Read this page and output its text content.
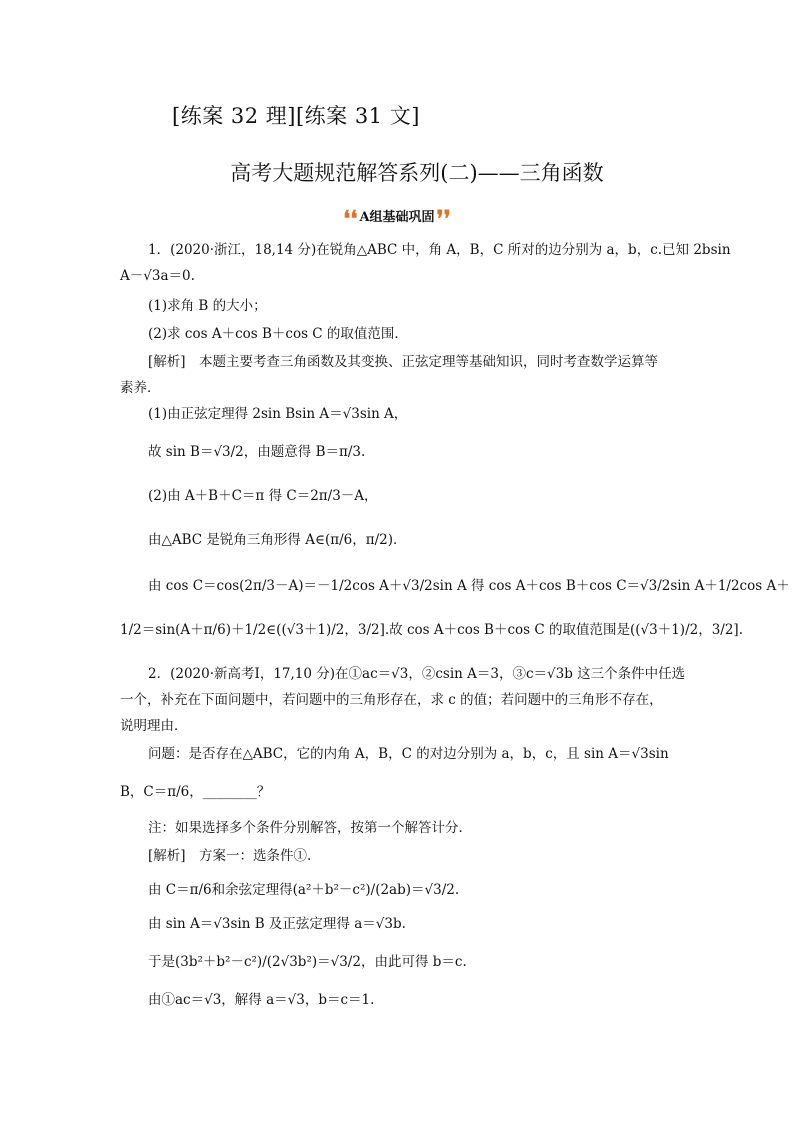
[练案 32 理][练案 31 文]
高考大题规范解答系列(二)——三角函数
❛❛ A组基础巩固❜❜
1．(2020·浙江，18,14 分)在锐角△ABC 中，角 A，B，C 所对的边分别为 a，b，c.已知 2bsin
A－√3a＝0.
(1)求角 B 的大小；
(2)求 cos A＋cos B＋cos C 的取值范围．
[解析]　本题主要考查三角函数及其变换、正弦定理等基础知识，同时考查数学运算等
素养．
(1)由正弦定理得 2sin Bsin A＝√3sin A，
故 sin B＝√3/2，由题意得 B＝π/3.
(2)由 A＋B＋C＝π 得 C＝2π/3－A，
由△ABC 是锐角三角形得 A∈(π/6，π/2)．
由 cos C＝cos(2π/3－A)＝－1/2cos A＋√3/2sin A 得 cos A＋cos B＋cos C＝√3/2sin A＋1/2cos A＋
1/2＝sin(A＋π/6)＋1/2∈((√3＋1)/2，3/2].故 cos A＋cos B＋cos C 的取值范围是((√3＋1)/2，3/2].
2．(2020·新高考Ⅰ，17,10 分)在①ac＝√3，②csin A＝3，③c＝√3b 这三个条件中任选
一个，补充在下面问题中，若问题中的三角形存在，求 c 的值；若问题中的三角形不存在，
说明理由．
问题：是否存在△ABC，它的内角 A，B，C 的对边分别为 a，b，c，且 sin A＝√3sin
B，C＝π/6，________？
注：如果选择多个条件分别解答，按第一个解答计分．
[解析]　方案一：选条件①.
由 C＝π/6和余弦定理得(a²＋b²－c²)/(2ab)＝√3/2.
由 sin A＝√3sin B 及正弦定理得 a＝√3b.
于是(3b²＋b²－c²)/(2√3b²)＝√3/2，由此可得 b＝c.
由①ac＝√3，解得 a＝√3，b＝c＝1.
